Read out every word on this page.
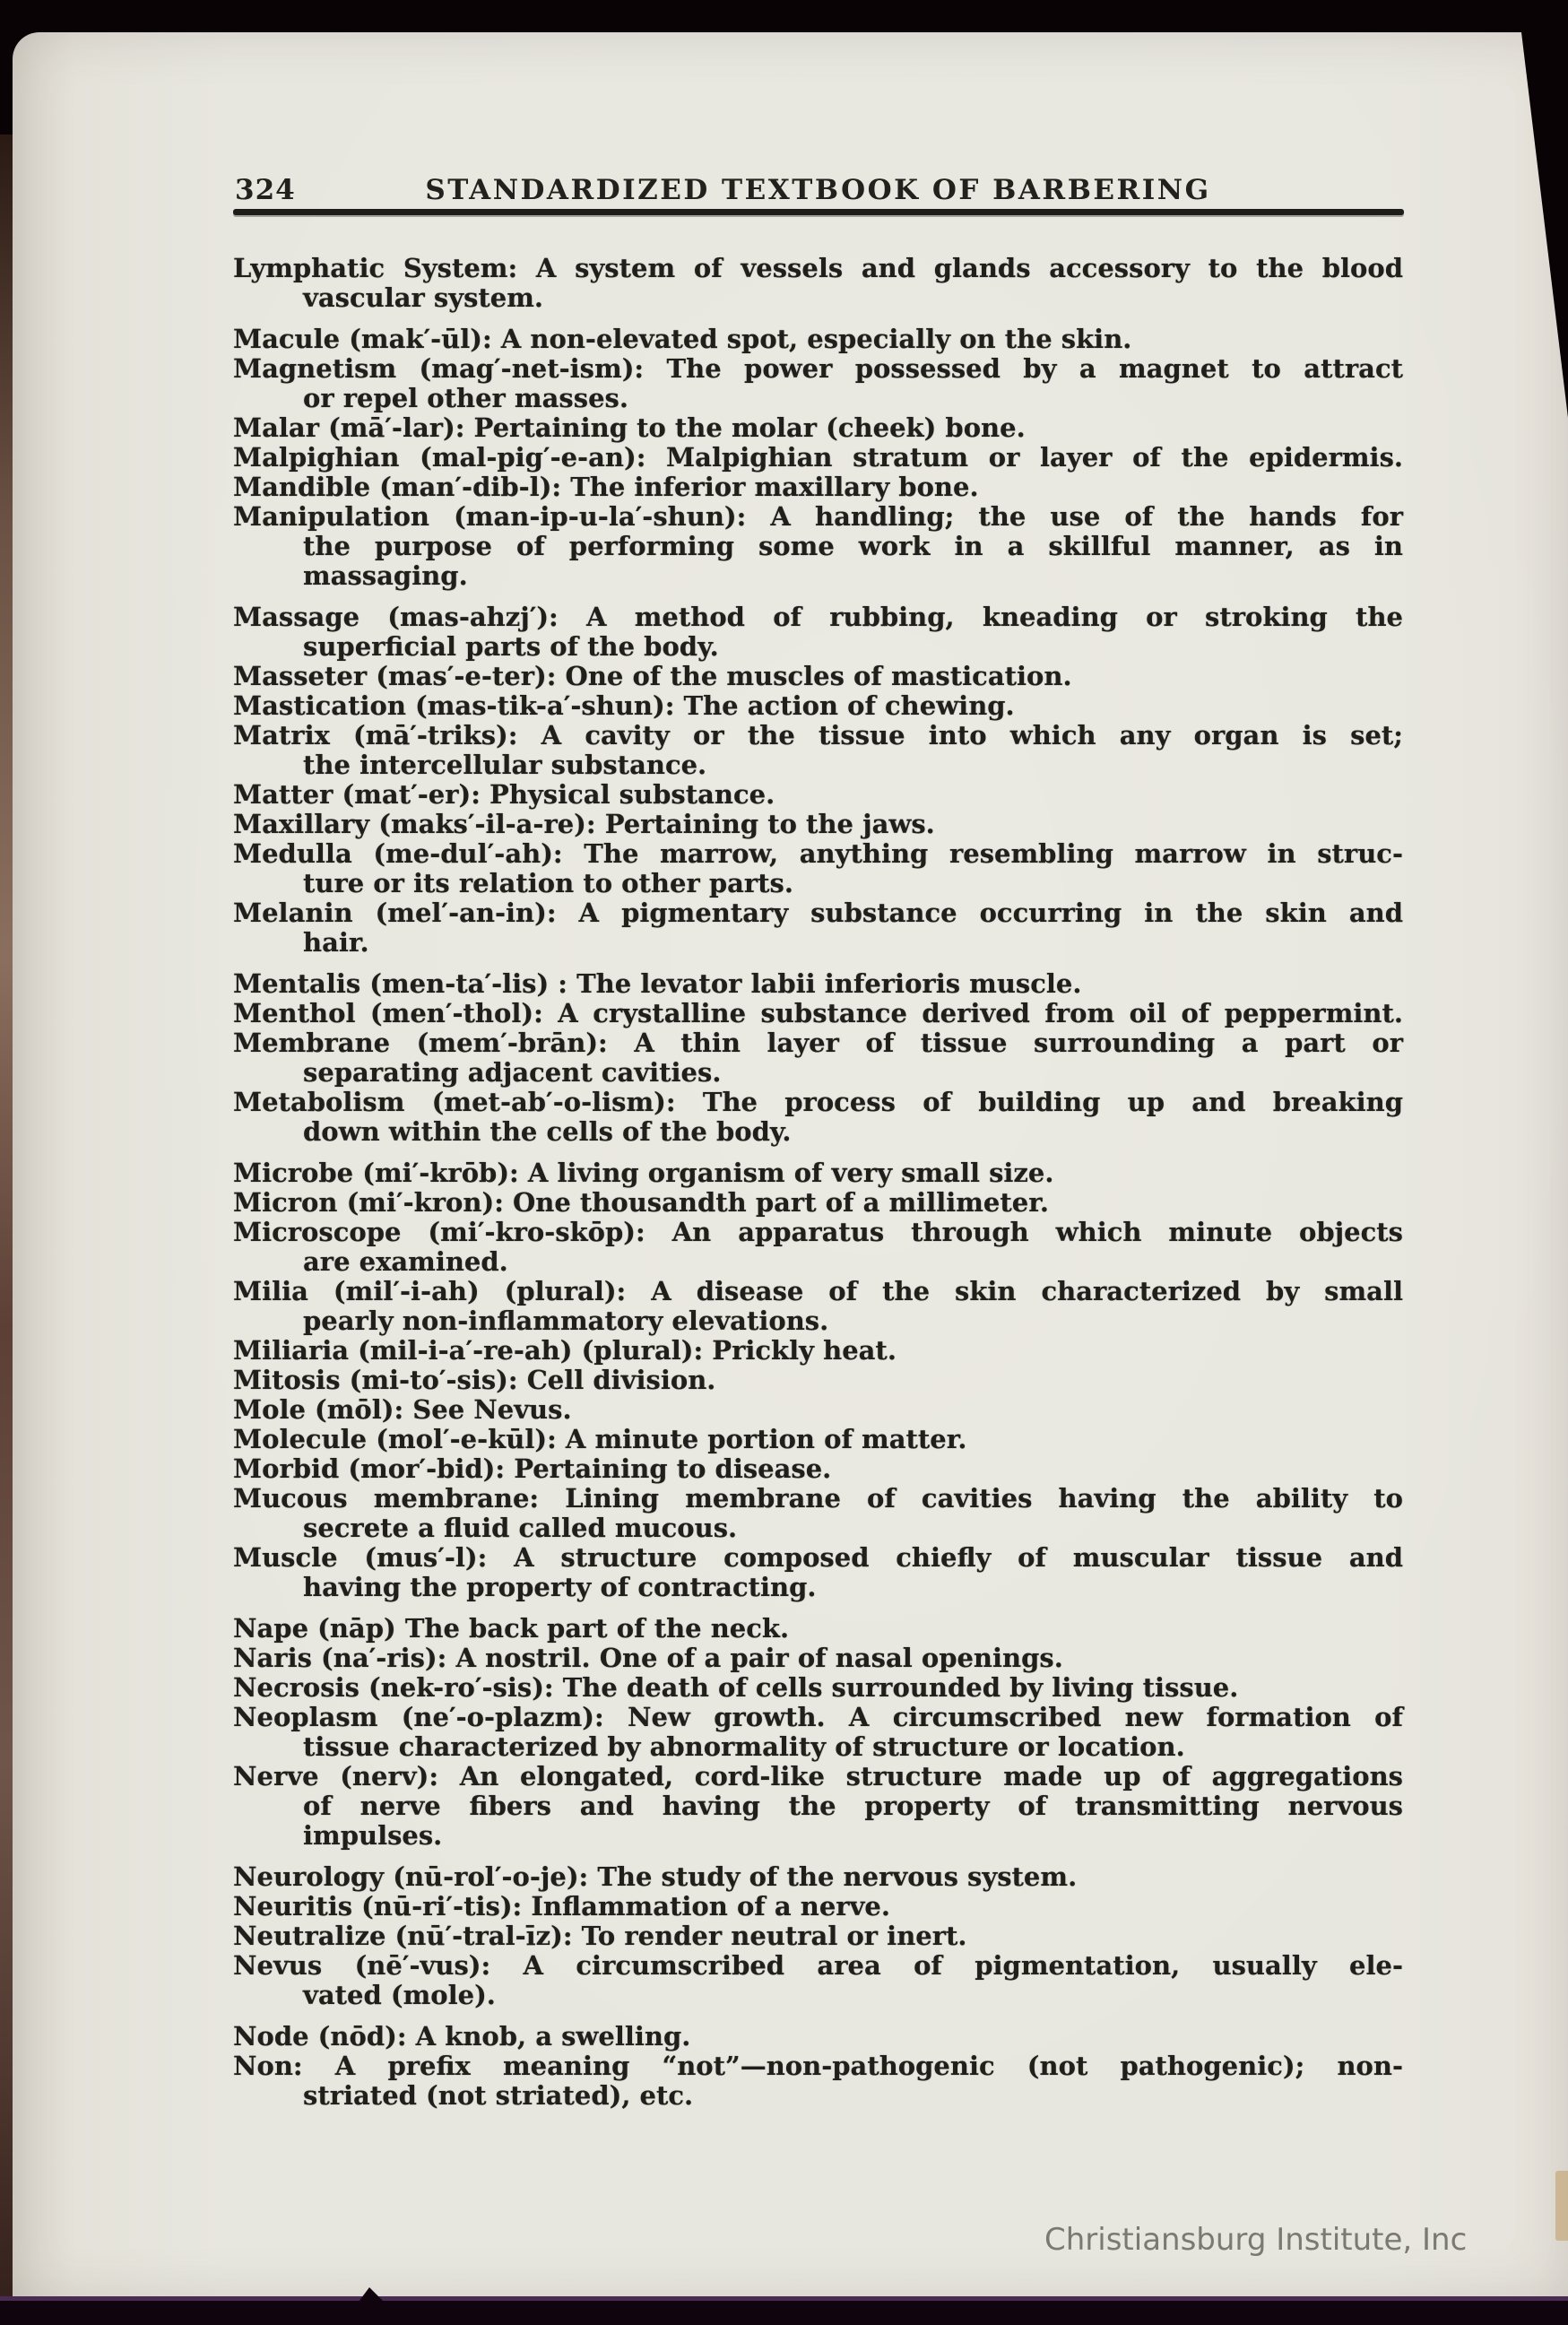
324	STANDARDIZED TEXTBOOK OF BARBERING
Lymphatic System: A system of vessels and glands accessory to the blood
vascular system.
Macule (mak′-ūl): A non-elevated spot, especially on the skin.
Magnetism (mag′-net-ism): The power possessed by a magnet to attract
or repel other masses.
Malar (mā′-lar): Pertaining to the molar (cheek) bone.
Malpighian (mal-pig′-e-an): Malpighian stratum or layer of the epidermis.
Mandible (man′-dib-l): The inferior maxillary bone.
Manipulation (man-ip-u-la′-shun): A handling; the use of the hands for
the purpose of performing some work in a skillful manner, as in
massaging.
Massage (mas-ahzj′): A method of rubbing, kneading or stroking the
superficial parts of the body.
Masseter (mas′-e-ter): One of the muscles of mastication.
Mastication (mas-tik-a′-shun): The action of chewing.
Matrix (mā′-triks): A cavity or the tissue into which any organ is set;
the intercellular substance.
Matter (mat′-er): Physical substance.
Maxillary (maks′-il-a-re): Pertaining to the jaws.
Medulla (me-dul′-ah): The marrow, anything resembling marrow in struc-
ture or its relation to other parts.
Melanin (mel′-an-in): A pigmentary substance occurring in the skin and
hair.
Mentalis (men-ta′-lis) : The levator labii inferioris muscle.
Menthol (men′-thol): A crystalline substance derived from oil of peppermint.
Membrane (mem′-brān): A thin layer of tissue surrounding a part or
separating adjacent cavities.
Metabolism (met-ab′-o-lism): The process of building up and breaking
down within the cells of the body.
Microbe (mi′-krōb): A living organism of very small size.
Micron (mi′-kron): One thousandth part of a millimeter.
Microscope (mi′-kro-skōp): An apparatus through which minute objects
are examined.
Milia (mil′-i-ah) (plural): A disease of the skin characterized by small
pearly non-inflammatory elevations.
Miliaria (mil-i-a′-re-ah) (plural): Prickly heat.
Mitosis (mi-to′-sis): Cell division.
Mole (mōl): See Nevus.
Molecule (mol′-e-kūl): A minute portion of matter.
Morbid (mor′-bid): Pertaining to disease.
Mucous membrane: Lining membrane of cavities having the ability to
secrete a fluid called mucous.
Muscle (mus′-l): A structure composed chiefly of muscular tissue and
having the property of contracting.
Nape (nāp) The back part of the neck.
Naris (na′-ris): A nostril. One of a pair of nasal openings.
Necrosis (nek-ro′-sis): The death of cells surrounded by living tissue.
Neoplasm (ne′-o-plazm): New growth. A circumscribed new formation of
tissue characterized by abnormality of structure or location.
Nerve (nerv): An elongated, cord-like structure made up of aggregations
of nerve fibers and having the property of transmitting nervous
impulses.
Neurology (nū-rol′-o-je): The study of the nervous system.
Neuritis (nū-ri′-tis): Inflammation of a nerve.
Neutralize (nū′-tral-īz): To render neutral or inert.
Nevus (nē′-vus): A circumscribed area of pigmentation, usually ele-
vated (mole).
Node (nōd): A knob, a swelling.
Non: A prefix meaning “not”—non-pathogenic (not pathogenic); non-
striated (not striated), etc.
Christiansburg Institute, Inc
